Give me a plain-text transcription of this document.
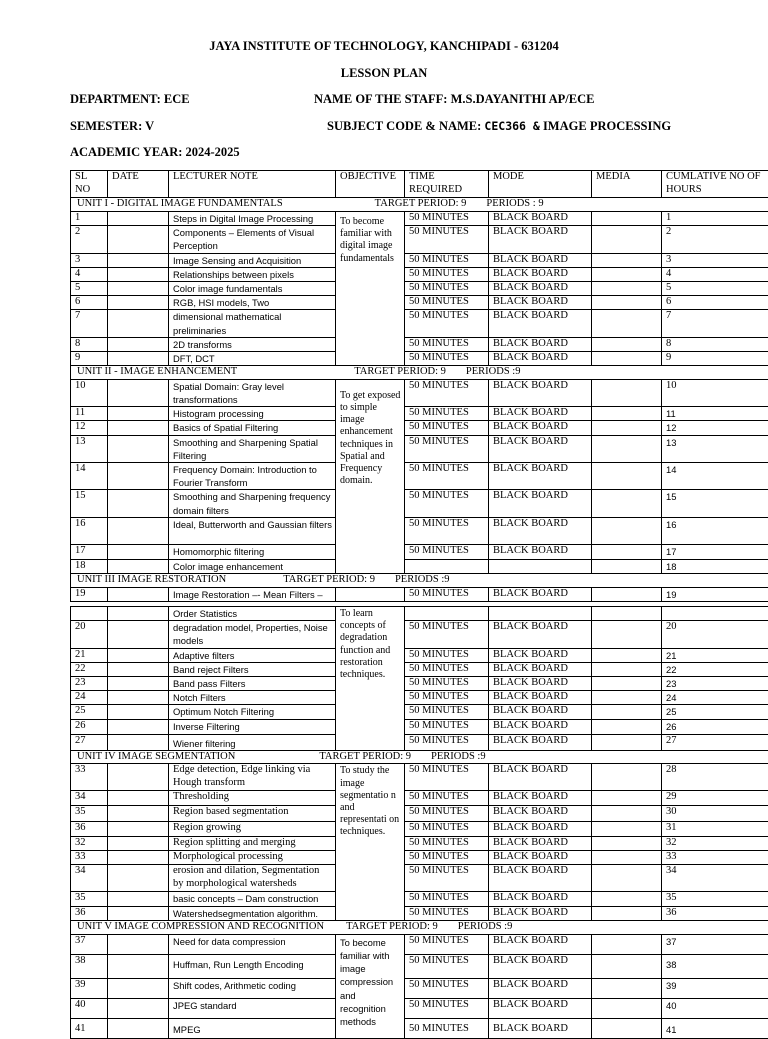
JAYA INSTITUTE OF TECHNOLOGY, KANCHIPADI - 631204
LESSON PLAN
DEPARTMENT: ECE	NAME OF THE STAFF: M.S.DAYANITHI AP/ECE
SEMESTER: V	SUBJECT CODE & NAME: CEC366 & IMAGE PROCESSING
ACADEMIC YEAR: 2024-2025
SL NO	DATE	LECTURER NOTE	OBJECTIVE	TIME REQUIRED	MODE	MEDIA	CUMLATIVE NO OF HOURS
UNIT I - DIGITAL IMAGE FUNDAMENTALS TARGET PERIOD: 9 PERIODS : 9							
1		Steps in Digital Image Processing	To become familiar with digital image fundamentals	50 MINUTES	BLACK BOARD		1
2		Components – Elements of Visual Perception		50 MINUTES	BLACK BOARD		2
3		Image Sensing and Acquisition		50 MINUTES	BLACK BOARD		3
4		Relationships between pixels		50 MINUTES	BLACK BOARD		4
5		Color image fundamentals		50 MINUTES	BLACK BOARD		5
6		RGB, HSI models, Two		50 MINUTES	BLACK BOARD		6
7		dimensional mathematical preliminaries		50 MINUTES	BLACK BOARD		7
8		2D transforms		50 MINUTES	BLACK BOARD		8
9		DFT, DCT		50 MINUTES	BLACK BOARD		9
UNIT II - IMAGE ENHANCEMENT TARGET PERIOD: 9 PERIODS :9							
10		Spatial Domain: Gray level transformations	To get exposed to simple image enhancement techniques in Spatial and Frequency domain.	50 MINUTES	BLACK BOARD		10
11		Histogram processing		50 MINUTES	BLACK BOARD		11
12		Basics of Spatial Filtering		50 MINUTES	BLACK BOARD		12
13		Smoothing and Sharpening Spatial Filtering		50 MINUTES	BLACK BOARD		13
14		Frequency Domain: Introduction to Fourier Transform		50 MINUTES	BLACK BOARD		14
15		Smoothing and Sharpening frequency domain filters		50 MINUTES	BLACK BOARD		15
16		Ideal, Butterworth and Gaussian filters		50 MINUTES	BLACK BOARD		16
17		Homomorphic filtering		50 MINUTES	BLACK BOARD		17
18		Color image enhancement					18
UNIT III IMAGE RESTORATION TARGET PERIOD: 9 PERIODS :9							
19		Image Restoration –- Mean Filters –		50 MINUTES	BLACK BOARD		19
		Order Statistics	To learn concepts of degradation function and restoration techniques.				
20		degradation model, Properties, Noise models		50 MINUTES	BLACK BOARD		20
21		Adaptive filters		50 MINUTES	BLACK BOARD		21
22		Band reject Filters		50 MINUTES	BLACK BOARD		22
23		Band pass Filters		50 MINUTES	BLACK BOARD		23
24		Notch Filters		50 MINUTES	BLACK BOARD		24
25		Optimum Notch Filtering		50 MINUTES	BLACK BOARD		25
26		Inverse Filtering		50 MINUTES	BLACK BOARD		26
27		Wiener filtering		50 MINUTES	BLACK BOARD		27
UNIT IV IMAGE SEGMENTATION TARGET PERIOD: 9 PERIODS :9							
33		Edge detection, Edge linking via Hough transform	To study the image segmentatio n and representati on techniques.	50 MINUTES	BLACK BOARD		28
34		Thresholding		50 MINUTES	BLACK BOARD		29
35		Region based segmentation		50 MINUTES	BLACK BOARD		30
36		Region growing		50 MINUTES	BLACK BOARD		31
32		Region splitting and merging		50 MINUTES	BLACK BOARD		32
33		Morphological processing		50 MINUTES	BLACK BOARD		33
34		erosion and dilation, Segmentation by morphological watersheds		50 MINUTES	BLACK BOARD		34
35		basic concepts – Dam construction		50 MINUTES	BLACK BOARD		35
36		Watershedsegmentation algorithm.		50 MINUTES	BLACK BOARD		36
UNIT V IMAGE COMPRESSION AND RECOGNITION TARGET PERIOD: 9 PERIODS :9							
37		Need for data compression	To become familiar with image compression and recognition methods	50 MINUTES	BLACK BOARD		37
38		Huffman, Run Length Encoding		50 MINUTES	BLACK BOARD		38
39		Shift codes, Arithmetic coding		50 MINUTES	BLACK BOARD		39
40		JPEG standard		50 MINUTES	BLACK BOARD		40
41		MPEG		50 MINUTES	BLACK BOARD		41
